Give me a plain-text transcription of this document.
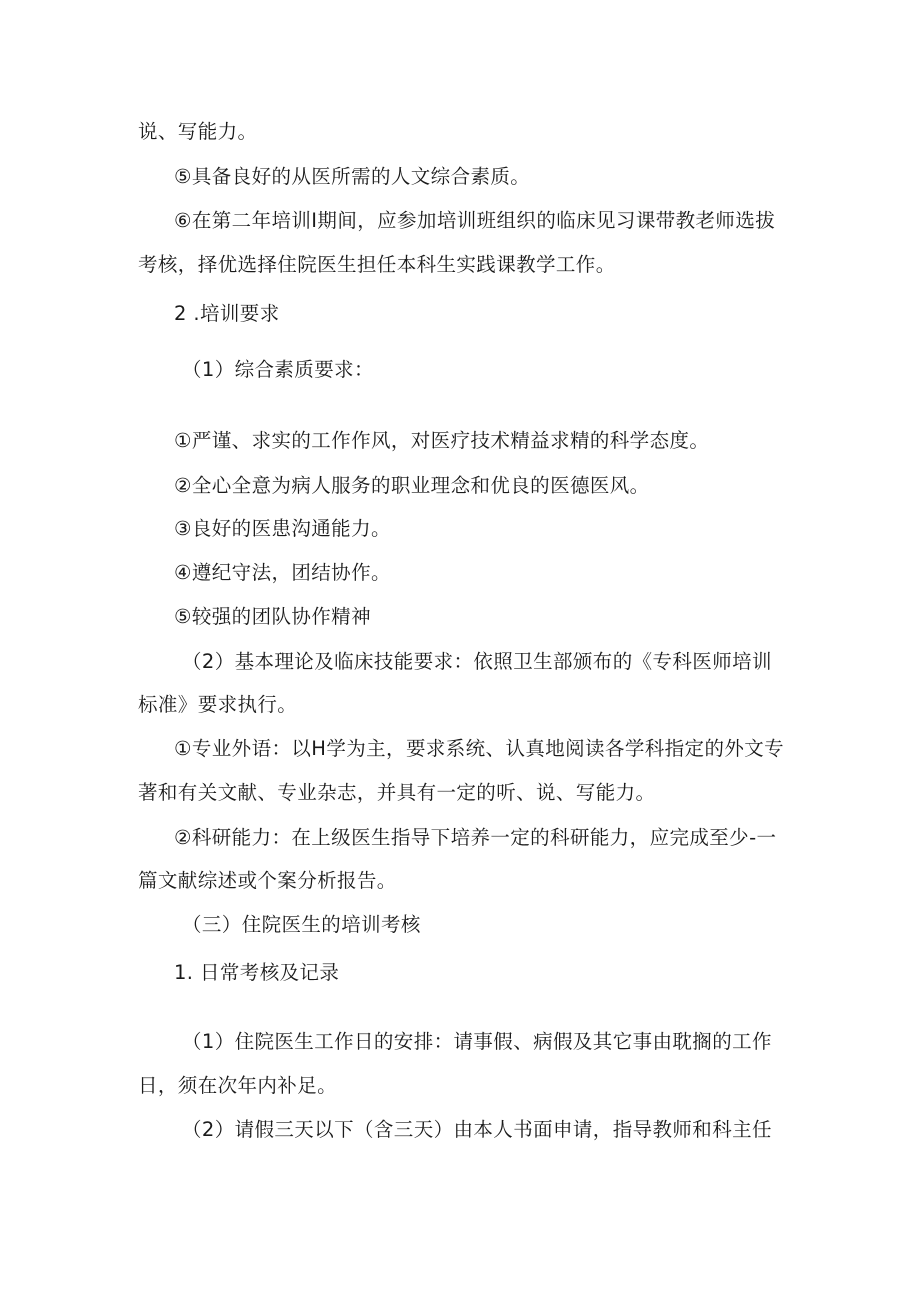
说、写能力。
⑤具备良好的从医所需的人文综合素质。
⑥在第二年培训I期间，应参加培训班组织的临床见习课带教老师选拔
考核，择优选择住院医生担任本科生实践课教学工作。
2 .培训要求
（1）综合素质要求：
①严谨、求实的工作作风，对医疗技术精益求精的科学态度。
②全心全意为病人服务的职业理念和优良的医德医风。
③良好的医患沟通能力。
④遵纪守法，团结协作。
⑤较强的团队协作精神
（2）基本理论及临床技能要求：依照卫生部颁布的《专科医师培训
标准》要求执行。
①专业外语：以H学为主，要求系统、认真地阅读各学科指定的外文专
著和有关文献、专业杂志，并具有一定的听、说、写能力。
②科研能力：在上级医生指导下培养一定的科研能力，应完成至少-一
篇文献综述或个案分析报告。
（三）住院医生的培训考核
1. 日常考核及记录
（1）住院医生工作日的安排：请事假、病假及其它事由耽搁的工作
日，须在次年内补足。
（2）请假三天以下（含三天）由本人书面申请，指导教师和科主任
